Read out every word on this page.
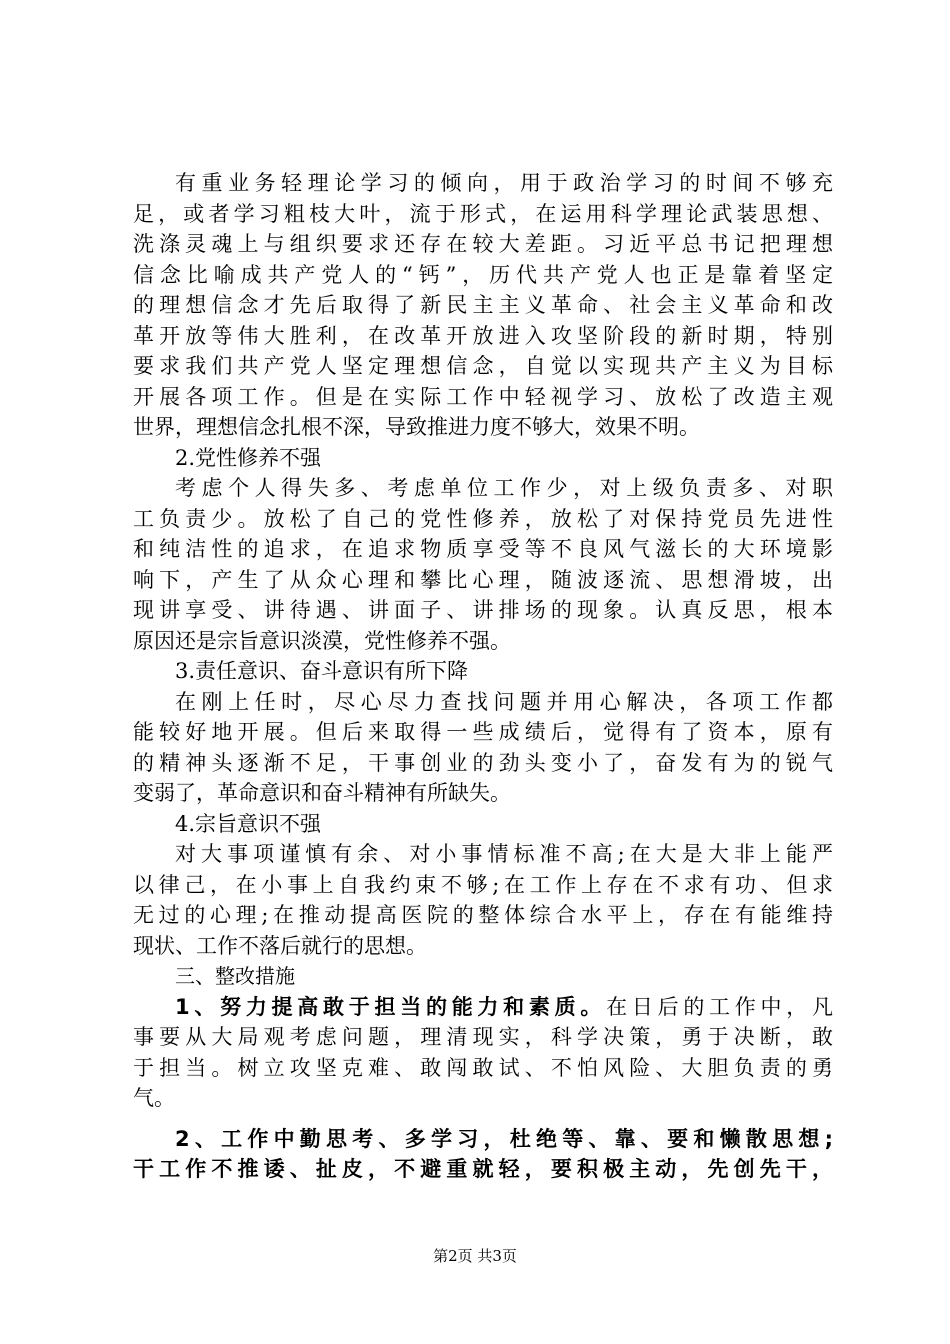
有重业务轻理论学习的倾向，用于政治学习的时间不够充
足，或者学习粗枝大叶，流于形式，在运用科学理论武装思想、
洗涤灵魂上与组织要求还存在较大差距。习近平总书记把理想
信念比喻成共产党人的“钙”，历代共产党人也正是靠着坚定
的理想信念才先后取得了新民主主义革命、社会主义革命和改
革开放等伟大胜利，在改革开放进入攻坚阶段的新时期，特别
要求我们共产党人坚定理想信念，自觉以实现共产主义为目标
开展各项工作。但是在实际工作中轻视学习、放松了改造主观
世界，理想信念扎根不深，导致推进力度不够大，效果不明。
2.党性修养不强
考虑个人得失多、考虑单位工作少，对上级负责多、对职
工负责少。放松了自己的党性修养，放松了对保持党员先进性
和纯洁性的追求，在追求物质享受等不良风气滋长的大环境影
响下，产生了从众心理和攀比心理，随波逐流、思想滑坡，出
现讲享受、讲待遇、讲面子、讲排场的现象。认真反思，根本
原因还是宗旨意识淡漠，党性修养不强。
3.责任意识、奋斗意识有所下降
在刚上任时，尽心尽力查找问题并用心解决，各项工作都
能较好地开展。但后来取得一些成绩后，觉得有了资本，原有
的精神头逐渐不足，干事创业的劲头变小了，奋发有为的锐气
变弱了，革命意识和奋斗精神有所缺失。
4.宗旨意识不强
对大事项谨慎有余、对小事情标准不高;在大是大非上能严
以律己，在小事上自我约束不够;在工作上存在不求有功、但求
无过的心理;在推动提高医院的整体综合水平上，存在有能维持
现状、工作不落后就行的思想。
三、整改措施
1、努力提高敢于担当的能力和素质。在日后的工作中，凡
事要从大局观考虑问题，理清现实，科学决策，勇于决断，敢
于担当。树立攻坚克难、敢闯敢试、不怕风险、大胆负责的勇
气。
2、工作中勤思考、多学习，杜绝等、靠、要和懒散思想;
干工作不推诿、扯皮，不避重就轻，要积极主动，先创先干，
第2页 共3页
